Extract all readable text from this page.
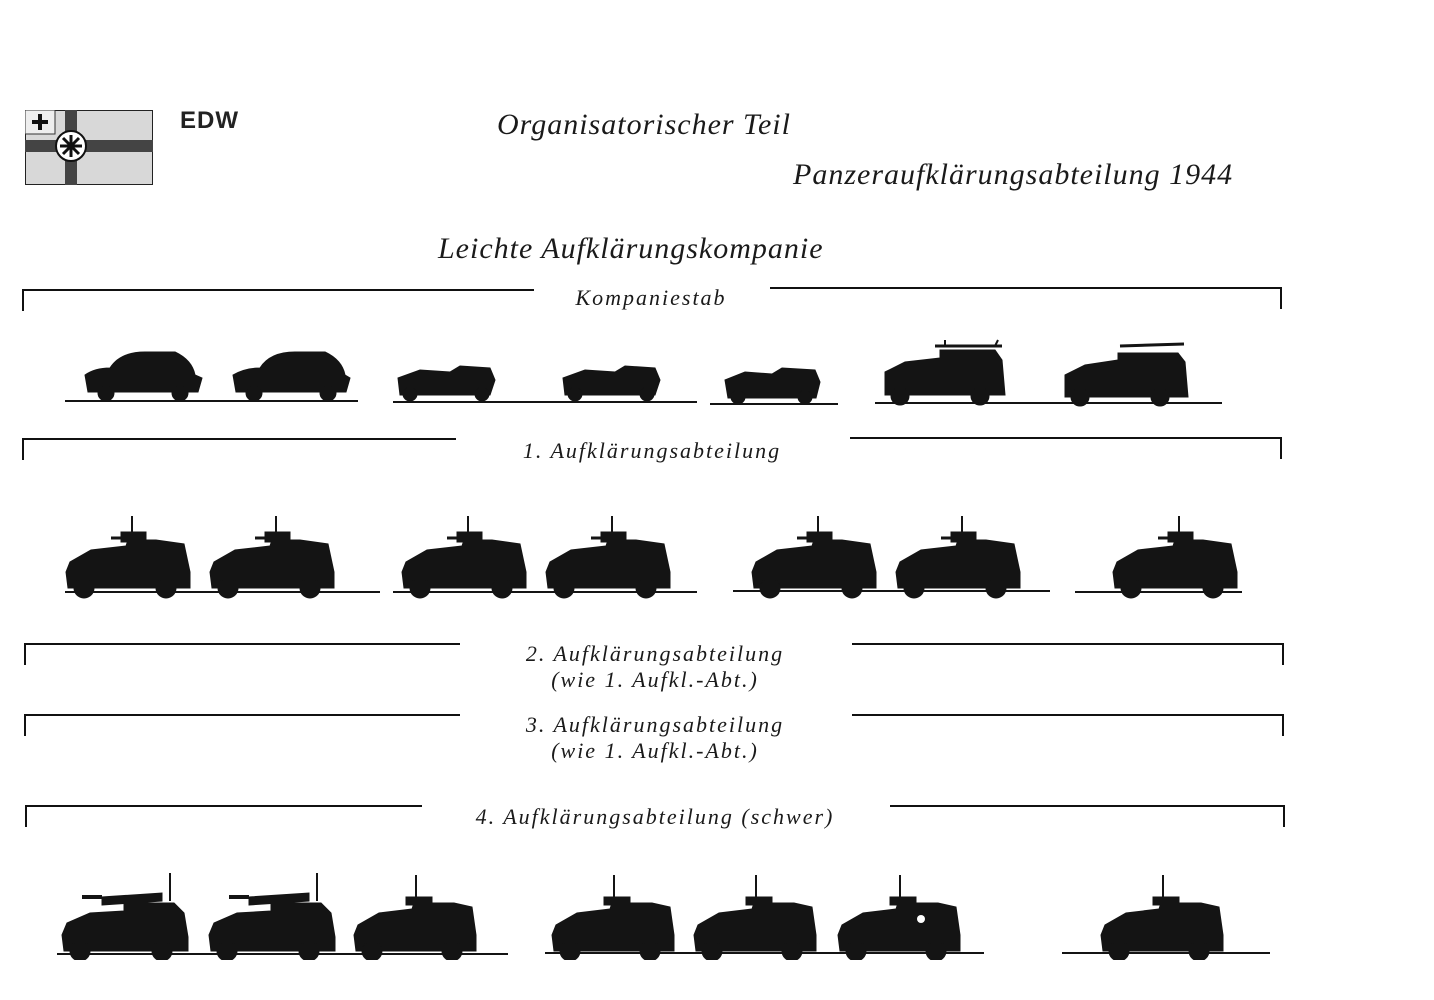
EDW	Organisatorischer Teil
Panzeraufklärungsabteilung 1944
Leichte Aufklärungskompanie
Kompaniestab
1. Aufklärungsabteilung
2. Aufklärungsabteilung
(wie 1. Aufkl.-Abt.)
3. Aufklärungsabteilung
(wie 1. Aufkl.-Abt.)
4. Aufklärungsabteilung (schwer)
